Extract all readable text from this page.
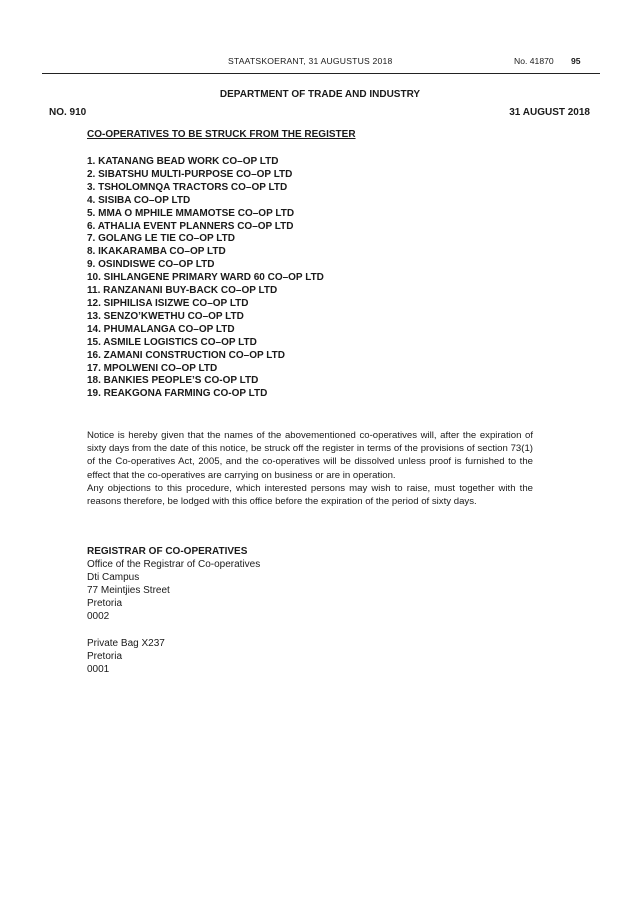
STAATSKOERANT, 31 AUGUSTUS 2018	No. 41870 95
DEPARTMENT OF TRADE AND INDUSTRY
NO. 910	31 AUGUST 2018
CO-OPERATIVES TO BE STRUCK FROM THE REGISTER
1. KATANANG BEAD WORK CO–OP LTD
2. SIBATSHU MULTI-PURPOSE CO–OP LTD
3. TSHOLOMNQA TRACTORS CO–OP LTD
4. SISIBA CO–OP LTD
5. MMA O MPHILE MMAMOTSE CO–OP LTD
6. ATHALIA EVENT PLANNERS CO–OP LTD
7. GOLANG LE TIE CO–OP LTD
8. IKAKARAMBA CO–OP LTD
9. OSINDISWE CO–OP LTD
10. SIHLANGENE PRIMARY WARD 60 CO–OP LTD
11. RANZANANI BUY-BACK CO–OP LTD
12. SIPHILISA ISIZWE CO–OP LTD
13. SENZO’KWETHU CO–OP LTD
14. PHUMALANGA CO–OP LTD
15. ASMILE LOGISTICS CO–OP LTD
16. ZAMANI CONSTRUCTION CO–OP LTD
17. MPOLWENI CO–OP LTD
18. BANKIES PEOPLE’S CO-OP LTD
19. REAKGONA FARMING CO-OP LTD

Notice is hereby given that the names of the abovementioned co-operatives will, after the expiration of sixty days from the date of this notice, be struck off the register in terms of the provisions of section 73(1) of the Co-operatives Act, 2005, and the co-operatives will be dissolved unless proof is furnished to the effect that the co-operatives are carrying on business or are in operation.

Any objections to this procedure, which interested persons may wish to raise, must together with the reasons therefore, be lodged with this office before the expiration of the period of sixty days.

REGISTRAR OF CO-OPERATIVES
Office of the Registrar of Co-operatives
Dti Campus
77 Meintjies Street
Pretoria
0002
Private Bag X237
Pretoria
0001
